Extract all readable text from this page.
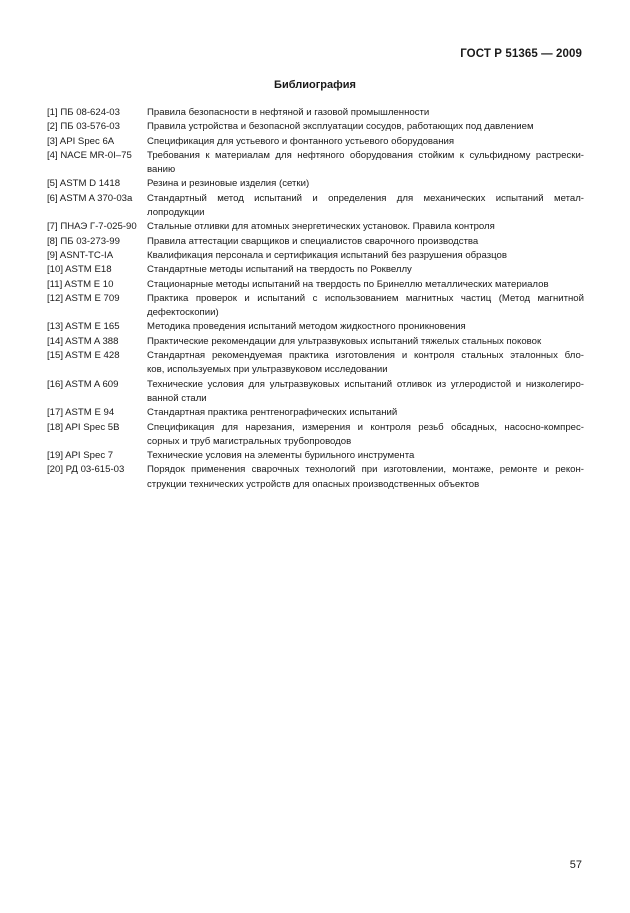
ГОСТ Р 51365 — 2009
Библиография
[1] ПБ 08-624-03	Правила безопасности в нефтяной и газовой промышленности
[2] ПБ 03-576-03	Правила устройства и безопасной эксплуатации сосудов, работающих под давлением
[3] API Spec 6A	Спецификация для устьевого и фонтанного устьевого оборудования
[4] NACE MR-0I–75	Требования к материалам для нефтяного оборудования стойким к сульфидному растрески-
ванию
[5] ASTM D 1418	Резина и резиновые изделия (сетки)
[6] ASTM A 370-03a	Стандартный метод испытаний и определения для механических испытаний метал-
лопродукции
[7] ПНАЭ Г-7-025-90	Стальные отливки для атомных энергетических установок. Правила контроля
[8] ПБ 03-273-99	Правила аттестации сварщиков и специалистов сварочного производства
[9] ASNT-TC-IA	Квалификация персонала и сертификация испытаний без разрушения образцов
[10] ASTM E18	Стандартные методы испытаний на твердость по Роквеллу
[11] ASTM E 10	Стационарные методы испытаний на твердость по Бринеллю металлических материалов
[12] ASTM E 709	Практика проверок и испытаний с использованием магнитных частиц (Метод магнитной
дефектоскопии)
[13] ASTM E 165	Методика проведения испытаний методом жидкостного проникновения
[14] ASTM A 388	Практические рекомендации для ультразвуковых испытаний тяжелых стальных поковок
[15] ASTM E 428	Стандартная рекомендуемая практика изготовления и контроля стальных эталонных бло-
ков, используемых при ультразвуковом исследовании
[16] ASTM A 609	Технические условия для ультразвуковых испытаний отливок из углеродистой и низколегиро-
ванной стали
[17] ASTM E 94	Стандартная практика рентгенографических испытаний
[18] API Spec 5B	Спецификация для нарезания, измерения и контроля резьб обсадных, насосно-компрес-
сорных и труб магистральных трубопроводов
[19] API Spec 7	Технические условия на элементы бурильного инструмента
[20] РД 03-615-03	Порядок применения сварочных технологий при изготовлении, монтаже, ремонте и рекон-
струкции технических устройств для опасных производственных объектов
57
